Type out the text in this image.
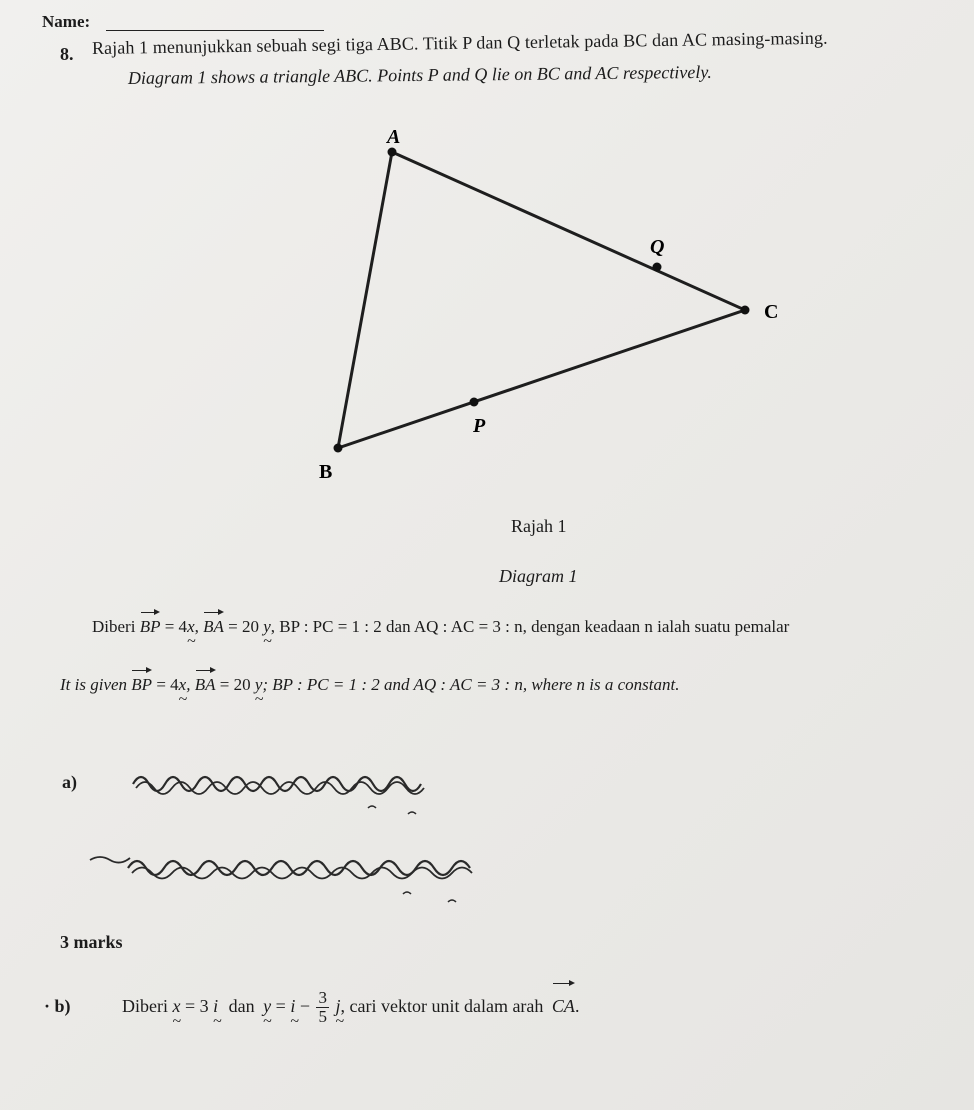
Name:
8. Rajah 1 menunjukkan sebuah segi tiga ABC. Titik P dan Q terletak pada BC dan AC masing-masing.
Diagram 1 shows a triangle ABC. Points P and Q lie on BC and AC respectively.
A
C
B
Q
P
Rajah 1
Diagram 1
Diberi BP = 4x ~, BA = 20 y ~, BP : PC = 1 : 2 dan AQ : AC = 3 : n, dengan keadaan n ialah suatu pemalar
It is given BP = 4x ~, BA = 20 y ~; BP : PC = 1 : 2 and AQ : AC = 3 : n, where n is a constant.
a)
3 marks
· b)	Diberi x ~ = 3 i ~ dan y ~ = i ~ − $\frac{3}{5}$ j ~, cari vektor unit dalam arah CA.
